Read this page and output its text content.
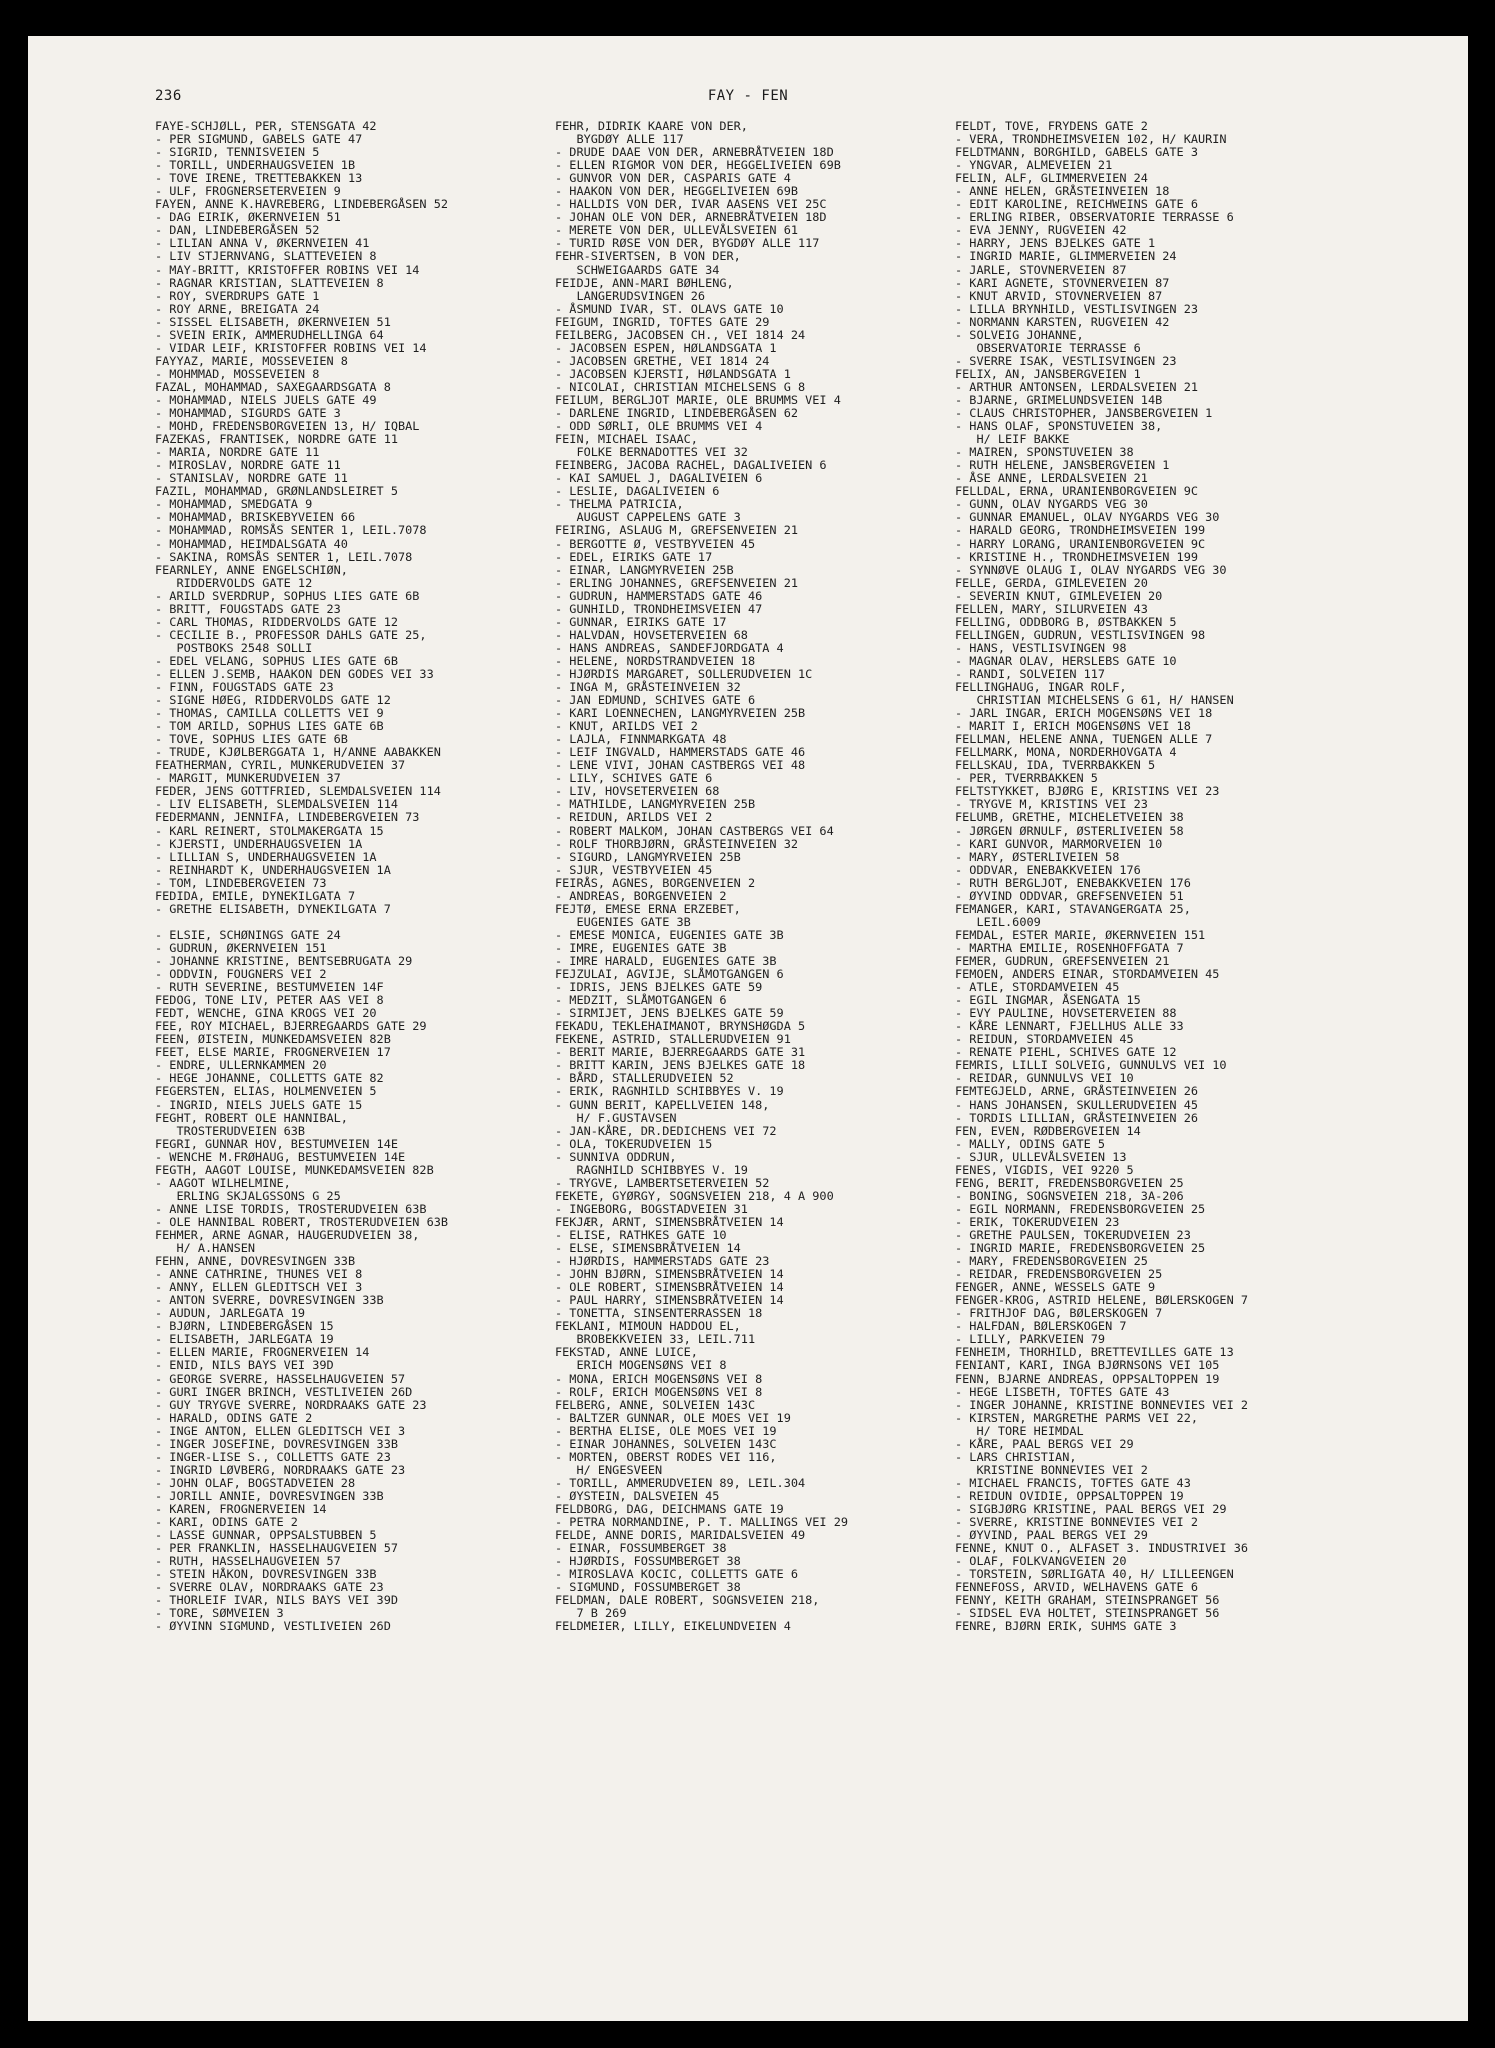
236	FAY - FEN
FAYE-SCHJØLL, PER, STENSGATA 42
- PER SIGMUND, GABELS GATE 47
- SIGRID, TENNISVEIEN 5
- TORILL, UNDERHAUGSVEIEN 1B
- TOVE IRENE, TRETTEBAKKEN 13
- ULF, FROGNERSETERVEIEN 9
FAYEN, ANNE K.HAVREBERG, LINDEBERGÅSEN 52
- DAG EIRIK, ØKERNVEIEN 51
- DAN, LINDEBERGÅSEN 52
- LILIAN ANNA V, ØKERNVEIEN 41
- LIV STJERNVANG, SLATTEVEIEN 8
- MAY-BRITT, KRISTOFFER ROBINS VEI 14
- RAGNAR KRISTIAN, SLATTEVEIEN 8
- ROY, SVERDRUPS GATE 1
- ROY ARNE, BREIGATA 24
- SISSEL ELISABETH, ØKERNVEIEN 51
- SVEIN ERIK, AMMERUDHELLINGA 64
- VIDAR LEIF, KRISTOFFER ROBINS VEI 14
FAYYAZ, MARIE, MOSSEVEIEN 8
- MOHMMAD, MOSSEVEIEN 8
FAZAL, MOHAMMAD, SAXEGAARDSGATA 8
- MOHAMMAD, NIELS JUELS GATE 49
- MOHAMMAD, SIGURDS GATE 3
- MOHD, FREDENSBORGVEIEN 13, H/ IQBAL
FAZEKAS, FRANTISEK, NORDRE GATE 11
- MARIA, NORDRE GATE 11
- MIROSLAV, NORDRE GATE 11
- STANISLAV, NORDRE GATE 11
FAZIL, MOHAMMAD, GRØNLANDSLEIRET 5
- MOHAMMAD, SMEDGATA 9
- MOHAMMAD, BRISKEBYVEIEN 66
- MOHAMMAD, ROMSÅS SENTER 1, LEIL.7078
- MOHAMMAD, HEIMDALSGATA 40
- SAKINA, ROMSÅS SENTER 1, LEIL.7078
FEARNLEY, ANNE ENGELSCHIØN,
RIDDERVOLDS GATE 12
- ARILD SVERDRUP, SOPHUS LIES GATE 6B
- BRITT, FOUGSTADS GATE 23
- CARL THOMAS, RIDDERVOLDS GATE 12
- CECILIE B., PROFESSOR DAHLS GATE 25,
POSTBOKS 2548 SOLLI
- EDEL VELANG, SOPHUS LIES GATE 6B
- ELLEN J.SEMB, HAAKON DEN GODES VEI 33
- FINN, FOUGSTADS GATE 23
- SIGNE HØEG, RIDDERVOLDS GATE 12
- THOMAS, CAMILLA COLLETTS VEI 9
- TOM ARILD, SOPHUS LIES GATE 6B
- TOVE, SOPHUS LIES GATE 6B
- TRUDE, KJØLBERGGATA 1, H/ANNE AABAKKEN
FEATHERMAN, CYRIL, MUNKERUDVEIEN 37
- MARGIT, MUNKERUDVEIEN 37
FEDER, JENS GOTTFRIED, SLEMDALSVEIEN 114
- LIV ELISABETH, SLEMDALSVEIEN 114
FEDERMANN, JENNIFA, LINDEBERGVEIEN 73
- KARL REINERT, STOLMAKERGATA 15
- KJERSTI, UNDERHAUGSVEIEN 1A
- LILLIAN S, UNDERHAUGSVEIEN 1A
- REINHARDT K, UNDERHAUGSVEIEN 1A
- TOM, LINDEBERGVEIEN 73
FEDIDA, EMILE, DYNEKILGATA 7
- GRETHE ELISABETH, DYNEKILGATA 7
- ELSIE, SCHØNINGS GATE 24
- GUDRUN, ØKERNVEIEN 151
- JOHANNE KRISTINE, BENTSEBRUGATA 29
- ODDVIN, FOUGNERS VEI 2
- RUTH SEVERINE, BESTUMVEIEN 14F
FEDOG, TONE LIV, PETER AAS VEI 8
FEDT, WENCHE, GINA KROGS VEI 20
FEE, ROY MICHAEL, BJERREGAARDS GATE 29
FEEN, ØISTEIN, MUNKEDAMSVEIEN 82B
FEET, ELSE MARIE, FROGNERVEIEN 17
- ENDRE, ULLERNKAMMEN 20
- HEGE JOHANNE, COLLETTS GATE 82
FEGERSTEN, ELIAS, HOLMENVEIEN 5
- INGRID, NIELS JUELS GATE 15
FEGHT, ROBERT OLE HANNIBAL,
TROSTERUDVEIEN 63B
FEGRI, GUNNAR HOV, BESTUMVEIEN 14E
- WENCHE M.FRØHAUG, BESTUMVEIEN 14E
FEGTH, AAGOT LOUISE, MUNKEDAMSVEIEN 82B
- AAGOT WILHELMINE,
ERLING SKJALGSSONS G 25
- ANNE LISE TORDIS, TROSTERUDVEIEN 63B
- OLE HANNIBAL ROBERT, TROSTERUDVEIEN 63B
FEHMER, ARNE AGNAR, HAUGERUDVEIEN 38,
H/ A.HANSEN
FEHN, ANNE, DOVRESVINGEN 33B
- ANNE CATHRINE, THUNES VEI 8
- ANNY, ELLEN GLEDITSCH VEI 3
- ANTON SVERRE, DOVRESVINGEN 33B
- AUDUN, JARLEGATA 19
- BJØRN, LINDEBERGÅSEN 15
- ELISABETH, JARLEGATA 19
- ELLEN MARIE, FROGNERVEIEN 14
- ENID, NILS BAYS VEI 39D
- GEORGE SVERRE, HASSELHAUGVEIEN 57
- GURI INGER BRINCH, VESTLIVEIEN 26D
- GUY TRYGVE SVERRE, NORDRAAKS GATE 23
- HARALD, ODINS GATE 2
- INGE ANTON, ELLEN GLEDITSCH VEI 3
- INGER JOSEFINE, DOVRESVINGEN 33B
- INGER-LISE S., COLLETTS GATE 23
- INGRID LØVBERG, NORDRAAKS GATE 23
- JOHN OLAF, BOGSTADVEIEN 28
- JORILL ANNIE, DOVRESVINGEN 33B
- KAREN, FROGNERVEIEN 14
- KARI, ODINS GATE 2
- LASSE GUNNAR, OPPSALSTUBBEN 5
- PER FRANKLIN, HASSELHAUGVEIEN 57
- RUTH, HASSELHAUGVEIEN 57
- STEIN HÅKON, DOVRESVINGEN 33B
- SVERRE OLAV, NORDRAAKS GATE 23
- THORLEIF IVAR, NILS BAYS VEI 39D
- TORE, SØMVEIEN 3
- ØYVINN SIGMUND, VESTLIVEIEN 26D
FEHR, DIDRIK KAARE VON DER,
BYGDØY ALLE 117
- DRUDE DAAE VON DER, ARNEBRÅTVEIEN 18D
- ELLEN RIGMOR VON DER, HEGGELIVEIEN 69B
- GUNVOR VON DER, CASPARIS GATE 4
- HAAKON VON DER, HEGGELIVEIEN 69B
- HALLDIS VON DER, IVAR AASENS VEI 25C
- JOHAN OLE VON DER, ARNEBRÅTVEIEN 18D
- MERETE VON DER, ULLEVÅLSVEIEN 61
- TURID RØSE VON DER, BYGDØY ALLE 117
FEHR-SIVERTSEN, B VON DER,
SCHWEIGAARDS GATE 34
FEIDJE, ANN-MARI BØHLENG,
LANGERUDSVINGEN 26
- ÅSMUND IVAR, ST. OLAVS GATE 10
FEIGUM, INGRID, TOFTES GATE 29
FEILBERG, JACOBSEN CH., VEI 1814 24
- JACOBSEN ESPEN, HØLANDSGATA 1
- JACOBSEN GRETHE, VEI 1814 24
- JACOBSEN KJERSTI, HØLANDSGATA 1
- NICOLAI, CHRISTIAN MICHELSENS G 8
FEILUM, BERGLJOT MARIE, OLE BRUMMS VEI 4
- DARLENE INGRID, LINDEBERGÅSEN 62
- ODD SØRLI, OLE BRUMMS VEI 4
FEIN, MICHAEL ISAAC,
FOLKE BERNADOTTES VEI 32
FEINBERG, JACOBA RACHEL, DAGALIVEIEN 6
- KAI SAMUEL J, DAGALIVEIEN 6
- LESLIE, DAGALIVEIEN 6
- THELMA PATRICIA,
AUGUST CAPPELENS GATE 3
FEIRING, ASLAUG M, GREFSENVEIEN 21
- BERGOTTE Ø, VESTBYVEIEN 45
- EDEL, EIRIKS GATE 17
- EINAR, LANGMYRVEIEN 25B
- ERLING JOHANNES, GREFSENVEIEN 21
- GUDRUN, HAMMERSTADS GATE 46
- GUNHILD, TRONDHEIMSVEIEN 47
- GUNNAR, EIRIKS GATE 17
- HALVDAN, HOVSETERVEIEN 68
- HANS ANDREAS, SANDEFJORDGATA 4
- HELENE, NORDSTRANDVEIEN 18
- HJØRDIS MARGARET, SOLLERUDVEIEN 1C
- INGA M, GRÅSTEINVEIEN 32
- JAN EDMUND, SCHIVES GATE 6
- KARI LOENNECHEN, LANGMYRVEIEN 25B
- KNUT, ARILDS VEI 2
- LAJLA, FINNMARKGATA 48
- LEIF INGVALD, HAMMERSTADS GATE 46
- LENE VIVI, JOHAN CASTBERGS VEI 48
- LILY, SCHIVES GATE 6
- LIV, HOVSETERVEIEN 68
- MATHILDE, LANGMYRVEIEN 25B
- REIDUN, ARILDS VEI 2
- ROBERT MALKOM, JOHAN CASTBERGS VEI 64
- ROLF THORBJØRN, GRÅSTEINVEIEN 32
- SIGURD, LANGMYRVEIEN 25B
- SJUR, VESTBYVEIEN 45
FEIRÅS, AGNES, BORGENVEIEN 2
- ANDREAS, BORGENVEIEN 2
FEJTØ, EMESE ERNA ERZEBET,
EUGENIES GATE 3B
- EMESE MONICA, EUGENIES GATE 3B
- IMRE, EUGENIES GATE 3B
- IMRE HARALD, EUGENIES GATE 3B
FEJZULAI, AGVIJE, SLÅMOTGANGEN 6
- IDRIS, JENS BJELKES GATE 59
- MEDZIT, SLÅMOTGANGEN 6
- SIRMIJET, JENS BJELKES GATE 59
FEKADU, TEKLEHAIMANOT, BRYNSHØGDA 5
FEKENE, ASTRID, STALLERUDVEIEN 91
- BERIT MARIE, BJERREGAARDS GATE 31
- BRITT KARIN, JENS BJELKES GATE 18
- BÅRD, STALLERUDVEIEN 52
- ERIK, RAGNHILD SCHIBBYES V. 19
- GUNN BERIT, KAPELLVEIEN 148,
H/ F.GUSTAVSEN
- JAN-KÅRE, DR.DEDICHENS VEI 72
- OLA, TOKERUDVEIEN 15
- SUNNIVA ODDRUN,
RAGNHILD SCHIBBYES V. 19
- TRYGVE, LAMBERTSETERVEIEN 52
FEKETE, GYØRGY, SOGNSVEIEN 218, 4 A 900
- INGEBORG, BOGSTADVEIEN 31
FEKJÆR, ARNT, SIMENSBRÅTVEIEN 14
- ELISE, RATHKES GATE 10
- ELSE, SIMENSBRÅTVEIEN 14
- HJØRDIS, HAMMERSTADS GATE 23
- JOHN BJØRN, SIMENSBRÅTVEIEN 14
- OLE ROBERT, SIMENSBRÅTVEIEN 14
- PAUL HARRY, SIMENSBRÅTVEIEN 14
- TONETTA, SINSENTERRASSEN 18
FEKLANI, MIMOUN HADDOU EL,
BROBEKKVEIEN 33, LEIL.711
FEKSTAD, ANNE LUICE,
ERICH MOGENSØNS VEI 8
- MONA, ERICH MOGENSØNS VEI 8
- ROLF, ERICH MOGENSØNS VEI 8
FELBERG, ANNE, SOLVEIEN 143C
- BALTZER GUNNAR, OLE MOES VEI 19
- BERTHA ELISE, OLE MOES VEI 19
- EINAR JOHANNES, SOLVEIEN 143C
- MORTEN, OBERST RODES VEI 116,
H/ ENGESVEEN
- TORILL, AMMERUDVEIEN 89, LEIL.304
- ØYSTEIN, DALSVEIEN 45
FELDBORG, DAG, DEICHMANS GATE 19
- PETRA NORMANDINE, P. T. MALLINGS VEI 29
FELDE, ANNE DORIS, MARIDALSVEIEN 49
- EINAR, FOSSUMBERGET 38
- HJØRDIS, FOSSUMBERGET 38
- MIROSLAVA KOCIC, COLLETTS GATE 6
- SIGMUND, FOSSUMBERGET 38
FELDMAN, DALE ROBERT, SOGNSVEIEN 218,
7 B 269
FELDMEIER, LILLY, EIKELUNDVEIEN 4
FELDT, TOVE, FRYDENS GATE 2
- VERA, TRONDHEIMSVEIEN 102, H/ KAURIN
FELDTMANN, BORGHILD, GABELS GATE 3
- YNGVAR, ALMEVEIEN 21
FELIN, ALF, GLIMMERVEIEN 24
- ANNE HELEN, GRÅSTEINVEIEN 18
- EDIT KAROLINE, REICHWEINS GATE 6
- ERLING RIBER, OBSERVATORIE TERRASSE 6
- EVA JENNY, RUGVEIEN 42
- HARRY, JENS BJELKES GATE 1
- INGRID MARIE, GLIMMERVEIEN 24
- JARLE, STOVNERVEIEN 87
- KARI AGNETE, STOVNERVEIEN 87
- KNUT ARVID, STOVNERVEIEN 87
- LILLA BRYNHILD, VESTLISVINGEN 23
- NORMANN KARSTEN, RUGVEIEN 42
- SOLVEIG JOHANNE,
OBSERVATORIE TERRASSE 6
- SVERRE ISAK, VESTLISVINGEN 23
FELIX, AN, JANSBERGVEIEN 1
- ARTHUR ANTONSEN, LERDALSVEIEN 21
- BJARNE, GRIMELUNDSVEIEN 14B
- CLAUS CHRISTOPHER, JANSBERGVEIEN 1
- HANS OLAF, SPONSTUVEIEN 38,
H/ LEIF BAKKE
- MAIREN, SPONSTUVEIEN 38
- RUTH HELENE, JANSBERGVEIEN 1
- ÅSE ANNE, LERDALSVEIEN 21
FELLDAL, ERNA, URANIENBORGVEIEN 9C
- GUNN, OLAV NYGARDS VEG 30
- GUNNAR EMANUEL, OLAV NYGARDS VEG 30
- HARALD GEORG, TRONDHEIMSVEIEN 199
- HARRY LORANG, URANIENBORGVEIEN 9C
- KRISTINE H., TRONDHEIMSVEIEN 199
- SYNNØVE OLAUG I, OLAV NYGARDS VEG 30
FELLE, GERDA, GIMLEVEIEN 20
- SEVERIN KNUT, GIMLEVEIEN 20
FELLEN, MARY, SILURVEIEN 43
FELLING, ODDBORG B, ØSTBAKKEN 5
FELLINGEN, GUDRUN, VESTLISVINGEN 98
- HANS, VESTLISVINGEN 98
- MAGNAR OLAV, HERSLEBS GATE 10
- RANDI, SOLVEIEN 117
FELLINGHAUG, INGAR ROLF,
CHRISTIAN MICHELSENS G 61, H/ HANSEN
- JARL INGAR, ERICH MOGENSØNS VEI 18
- MARIT I, ERICH MOGENSØNS VEI 18
FELLMAN, HELENE ANNA, TUENGEN ALLE 7
FELLMARK, MONA, NORDERHOVGATA 4
FELLSKAU, IDA, TVERRBAKKEN 5
- PER, TVERRBAKKEN 5
FELTSTYKKET, BJØRG E, KRISTINS VEI 23
- TRYGVE M, KRISTINS VEI 23
FELUMB, GRETHE, MICHELETVEIEN 38
- JØRGEN ØRNULF, ØSTERLIVEIEN 58
- KARI GUNVOR, MARMORVEIEN 10
- MARY, ØSTERLIVEIEN 58
- ODDVAR, ENEBAKKVEIEN 176
- RUTH BERGLJOT, ENEBAKKVEIEN 176
- ØYVIND ODDVAR, GREFSENVEIEN 51
FEMANGER, KARI, STAVANGERGATA 25,
LEIL.6009
FEMDAL, ESTER MARIE, ØKERNVEIEN 151
- MARTHA EMILIE, ROSENHOFFGATA 7
FEMER, GUDRUN, GREFSENVEIEN 21
FEMOEN, ANDERS EINAR, STORDAMVEIEN 45
- ATLE, STORDAMVEIEN 45
- EGIL INGMAR, ÅSENGATA 15
- EVY PAULINE, HOVSETERVEIEN 88
- KÅRE LENNART, FJELLHUS ALLE 33
- REIDUN, STORDAMVEIEN 45
- RENATE PIEHL, SCHIVES GATE 12
FEMRIS, LILLI SOLVEIG, GUNNULVS VEI 10
- REIDAR, GUNNULVS VEI 10
FEMTEGJELD, ARNE, GRÅSTEINVEIEN 26
- HANS JOHANSEN, SKULLERUDVEIEN 45
- TORDIS LILLIAN, GRÅSTEINVEIEN 26
FEN, EVEN, RØDBERGVEIEN 14
- MALLY, ODINS GATE 5
- SJUR, ULLEVÅLSVEIEN 13
FENES, VIGDIS, VEI 9220 5
FENG, BERIT, FREDENSBORGVEIEN 25
- BONING, SOGNSVEIEN 218, 3A-206
- EGIL NORMANN, FREDENSBORGVEIEN 25
- ERIK, TOKERUDVEIEN 23
- GRETHE PAULSEN, TOKERUDVEIEN 23
- INGRID MARIE, FREDENSBORGVEIEN 25
- MARY, FREDENSBORGVEIEN 25
- REIDAR, FREDENSBORGVEIEN 25
FENGER, ANNE, WESSELS GATE 9
FENGER-KROG, ASTRID HELENE, BØLERSKOGEN 7
- FRITHJOF DAG, BØLERSKOGEN 7
- HALFDAN, BØLERSKOGEN 7
- LILLY, PARKVEIEN 79
FENHEIM, THORHILD, BRETTEVILLES GATE 13
FENIANT, KARI, INGA BJØRNSONS VEI 105
FENN, BJARNE ANDREAS, OPPSALTOPPEN 19
- HEGE LISBETH, TOFTES GATE 43
- INGER JOHANNE, KRISTINE BONNEVIES VEI 2
- KIRSTEN, MARGRETHE PARMS VEI 22,
H/ TORE HEIMDAL
- KÅRE, PAAL BERGS VEI 29
- LARS CHRISTIAN,
KRISTINE BONNEVIES VEI 2
- MICHAEL FRANCIS, TOFTES GATE 43
- REIDUN OVIDIE, OPPSALTOPPEN 19
- SIGBJØRG KRISTINE, PAAL BERGS VEI 29
- SVERRE, KRISTINE BONNEVIES VEI 2
- ØYVIND, PAAL BERGS VEI 29
FENNE, KNUT O., ALFASET 3. INDUSTRIVEI 36
- OLAF, FOLKVANGVEIEN 20
- TORSTEIN, SØRLIGATA 40, H/ LILLEENGEN
FENNEFOSS, ARVID, WELHAVENS GATE 6
FENNY, KEITH GRAHAM, STEINSPRANGET 56
- SIDSEL EVA HOLTET, STEINSPRANGET 56
FENRE, BJØRN ERIK, SUHMS GATE 3
